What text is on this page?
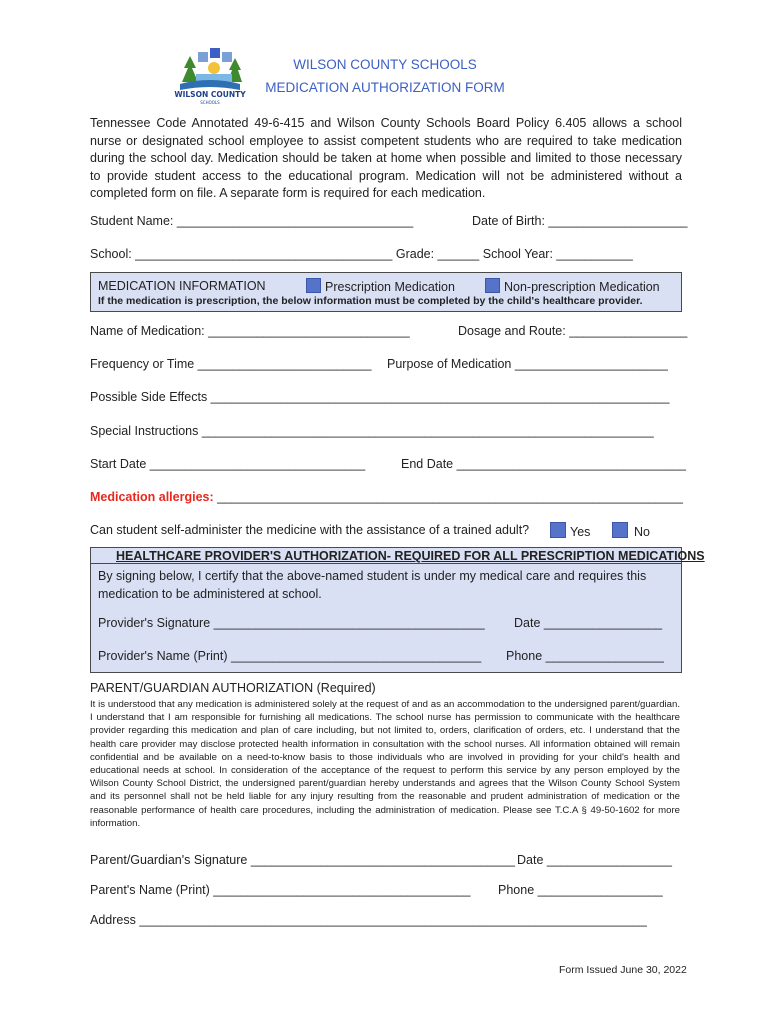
WILSON COUNTY
SCHOOLS
WILSON COUNTY SCHOOLS
MEDICATION AUTHORIZATION FORM
Tennessee Code Annotated 49-6-415 and Wilson County Schools Board Policy 6.405 allows a school nurse or designated school employee to assist competent students who are required to take medication during the school day. Medication should be taken at home when possible and limited to those necessary to provide student access to the educational program. Medication will not be administered without a completed form on file. A separate form is required for each medication.
Student Name: __________________________________	Date of Birth: ____________________
School: _____________________________________ Grade: ______ School Year: ___________
MEDICATION INFORMATION	Prescription Medication	Non-prescription Medication
If the medication is prescription, the below information must be completed by the child's healthcare provider.
Name of Medication: _____________________________	Dosage and Route: _________________
Frequency or Time _________________________ Purpose of Medication ______________________
Possible Side Effects __________________________________________________________________
Special Instructions _________________________________________________________________
Start Date _______________________________	End Date _________________________________
Medication allergies: ___________________________________________________________________
Can student self-administer the medicine with the assistance of a trained adult?	Yes	No
HEALTHCARE PROVIDER'S AUTHORIZATION- REQUIRED FOR ALL PRESCRIPTION MEDICATIONS
By signing below, I certify that the above-named student is under my medical care and requires this medication to be administered at school.
Provider's Signature _______________________________________ Date _________________
Provider's Name (Print) ____________________________________ Phone _________________
PARENT/GUARDIAN AUTHORIZATION (Required)
It is understood that any medication is administered solely at the request of and as an accommodation to the undersigned parent/guardian. I understand that I am responsible for furnishing all medications. The school nurse has permission to communicate with the healthcare provider regarding this medication and plan of care including, but not limited to, orders, clarification of orders, etc. I understand that the health care provider may disclose protected health information in consultation with the school nurses. All information obtained will remain confidential and be available on a need-to-know basis to those individuals who are involved in providing for your child's health and educational needs at school. In consideration of the acceptance of the request to perform this service by any person employed by the Wilson County School District, the undersigned parent/guardian hereby understands and agrees that the Wilson County School System and its personnel shall not be held liable for any injury resulting from the reasonable and prudent administration of medication or the reasonable performance of health care procedures, including the administration of medication. Please see T.C.A § 49-50-1602 for more information.
Parent/Guardian's Signature ______________________________________ Date __________________
Parent's Name (Print) _____________________________________ Phone __________________
Address _________________________________________________________________________
Form Issued June 30, 2022
